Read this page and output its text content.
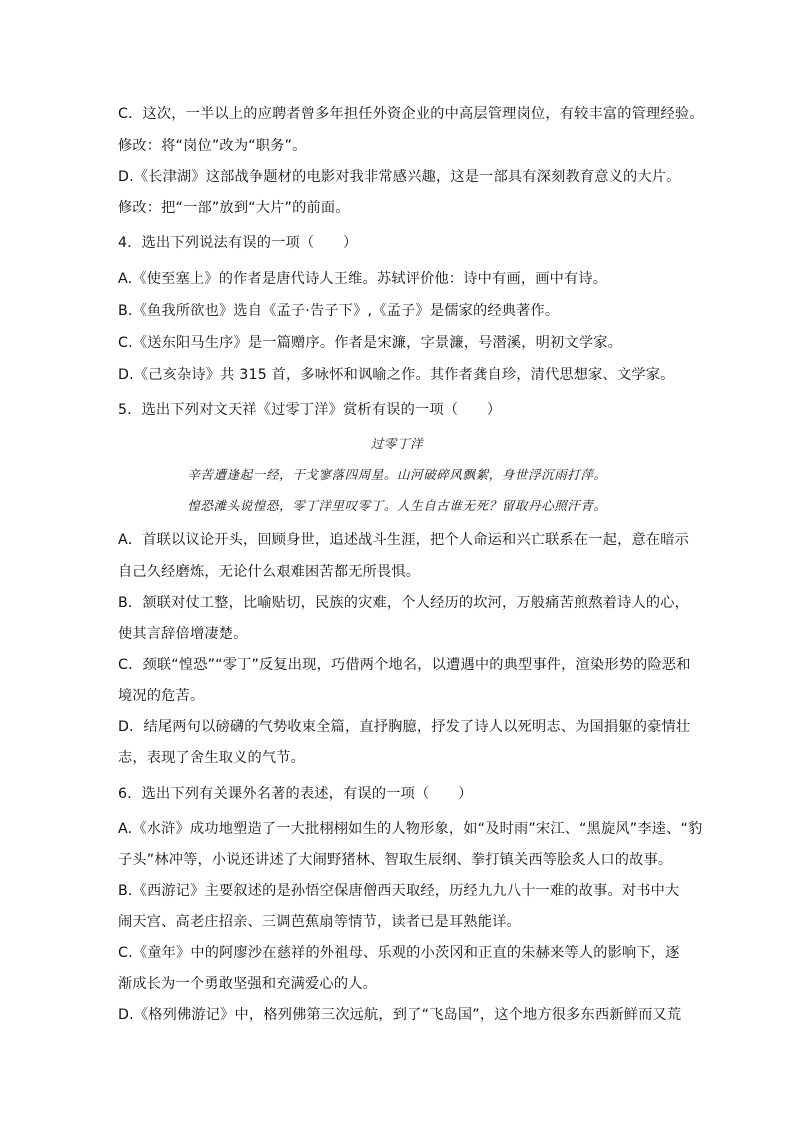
C．这次，一半以上的应聘者曾多年担任外资企业的中高层管理岗位，有较丰富的管理经验。
修改：将“岗位”改为“职务”。
D.《长津湖》这部战争题材的电影对我非常感兴趣，这是一部具有深刻教育意义的大片。
修改：把“一部”放到“大片”的前面。
4．选出下列说法有误的一项（　　）
A.《使至塞上》的作者是唐代诗人王维。苏轼评价他：诗中有画，画中有诗。
B.《鱼我所欲也》选自《孟子·告子下》,《孟子》是儒家的经典著作。
C.《送东阳马生序》是一篇赠序。作者是宋濂，字景濂，号潜溪，明初文学家。
D.《己亥杂诗》共 315 首，多咏怀和讽喻之作。其作者龚自珍，清代思想家、文学家。
5．选出下列对文天祥《过零丁洋》赏析有误的一项（　　）
过零丁洋
辛苦遭逢起一经，干戈寥落四周星。山河破碎风飘絮，身世浮沉雨打萍。
惶恐滩头说惶恐，零丁洋里叹零丁。人生自古谁无死？留取丹心照汗青。
A．首联以议论开头，回顾身世，追述战斗生涯，把个人命运和兴亡联系在一起，意在暗示
自己久经磨炼，无论什么艰难困苦都无所畏惧。
B．颔联对仗工整，比喻贴切，民族的灾难，个人经历的坎河，万般痛苦煎熬着诗人的心，
使其言辞倍增凄楚。
C．颈联“惶恐”“零丁”反复出现，巧借两个地名，以遭遇中的典型事件，渲染形势的险恶和
境况的危苦。
D．结尾两句以磅礴的气势收束全篇，直抒胸臆，抒发了诗人以死明志、为国捐躯的豪情壮
志，表现了舍生取义的气节。
6．选出下列有关课外名著的表述，有误的一项（　　）
A.《水浒》成功地塑造了一大批栩栩如生的人物形象，如“及时雨”宋江、“黑旋风”李逵、“豹
子头”林冲等，小说还讲述了大闹野猪林、智取生辰纲、拳打镇关西等脍炙人口的故事。
B.《西游记》主要叙述的是孙悟空保唐僧西天取经，历经九九八十一难的故事。对书中大
闹天宫、高老庄招亲、三调芭蕉扇等情节，读者已是耳熟能详。
C.《童年》中的阿廖沙在慈祥的外祖母、乐观的小茨冈和正直的朱赫来等人的影响下，逐
渐成长为一个勇敢坚强和充满爱心的人。
D.《格列佛游记》中，格列佛第三次远航，到了“飞岛国”，这个地方很多东西新鲜而又荒
